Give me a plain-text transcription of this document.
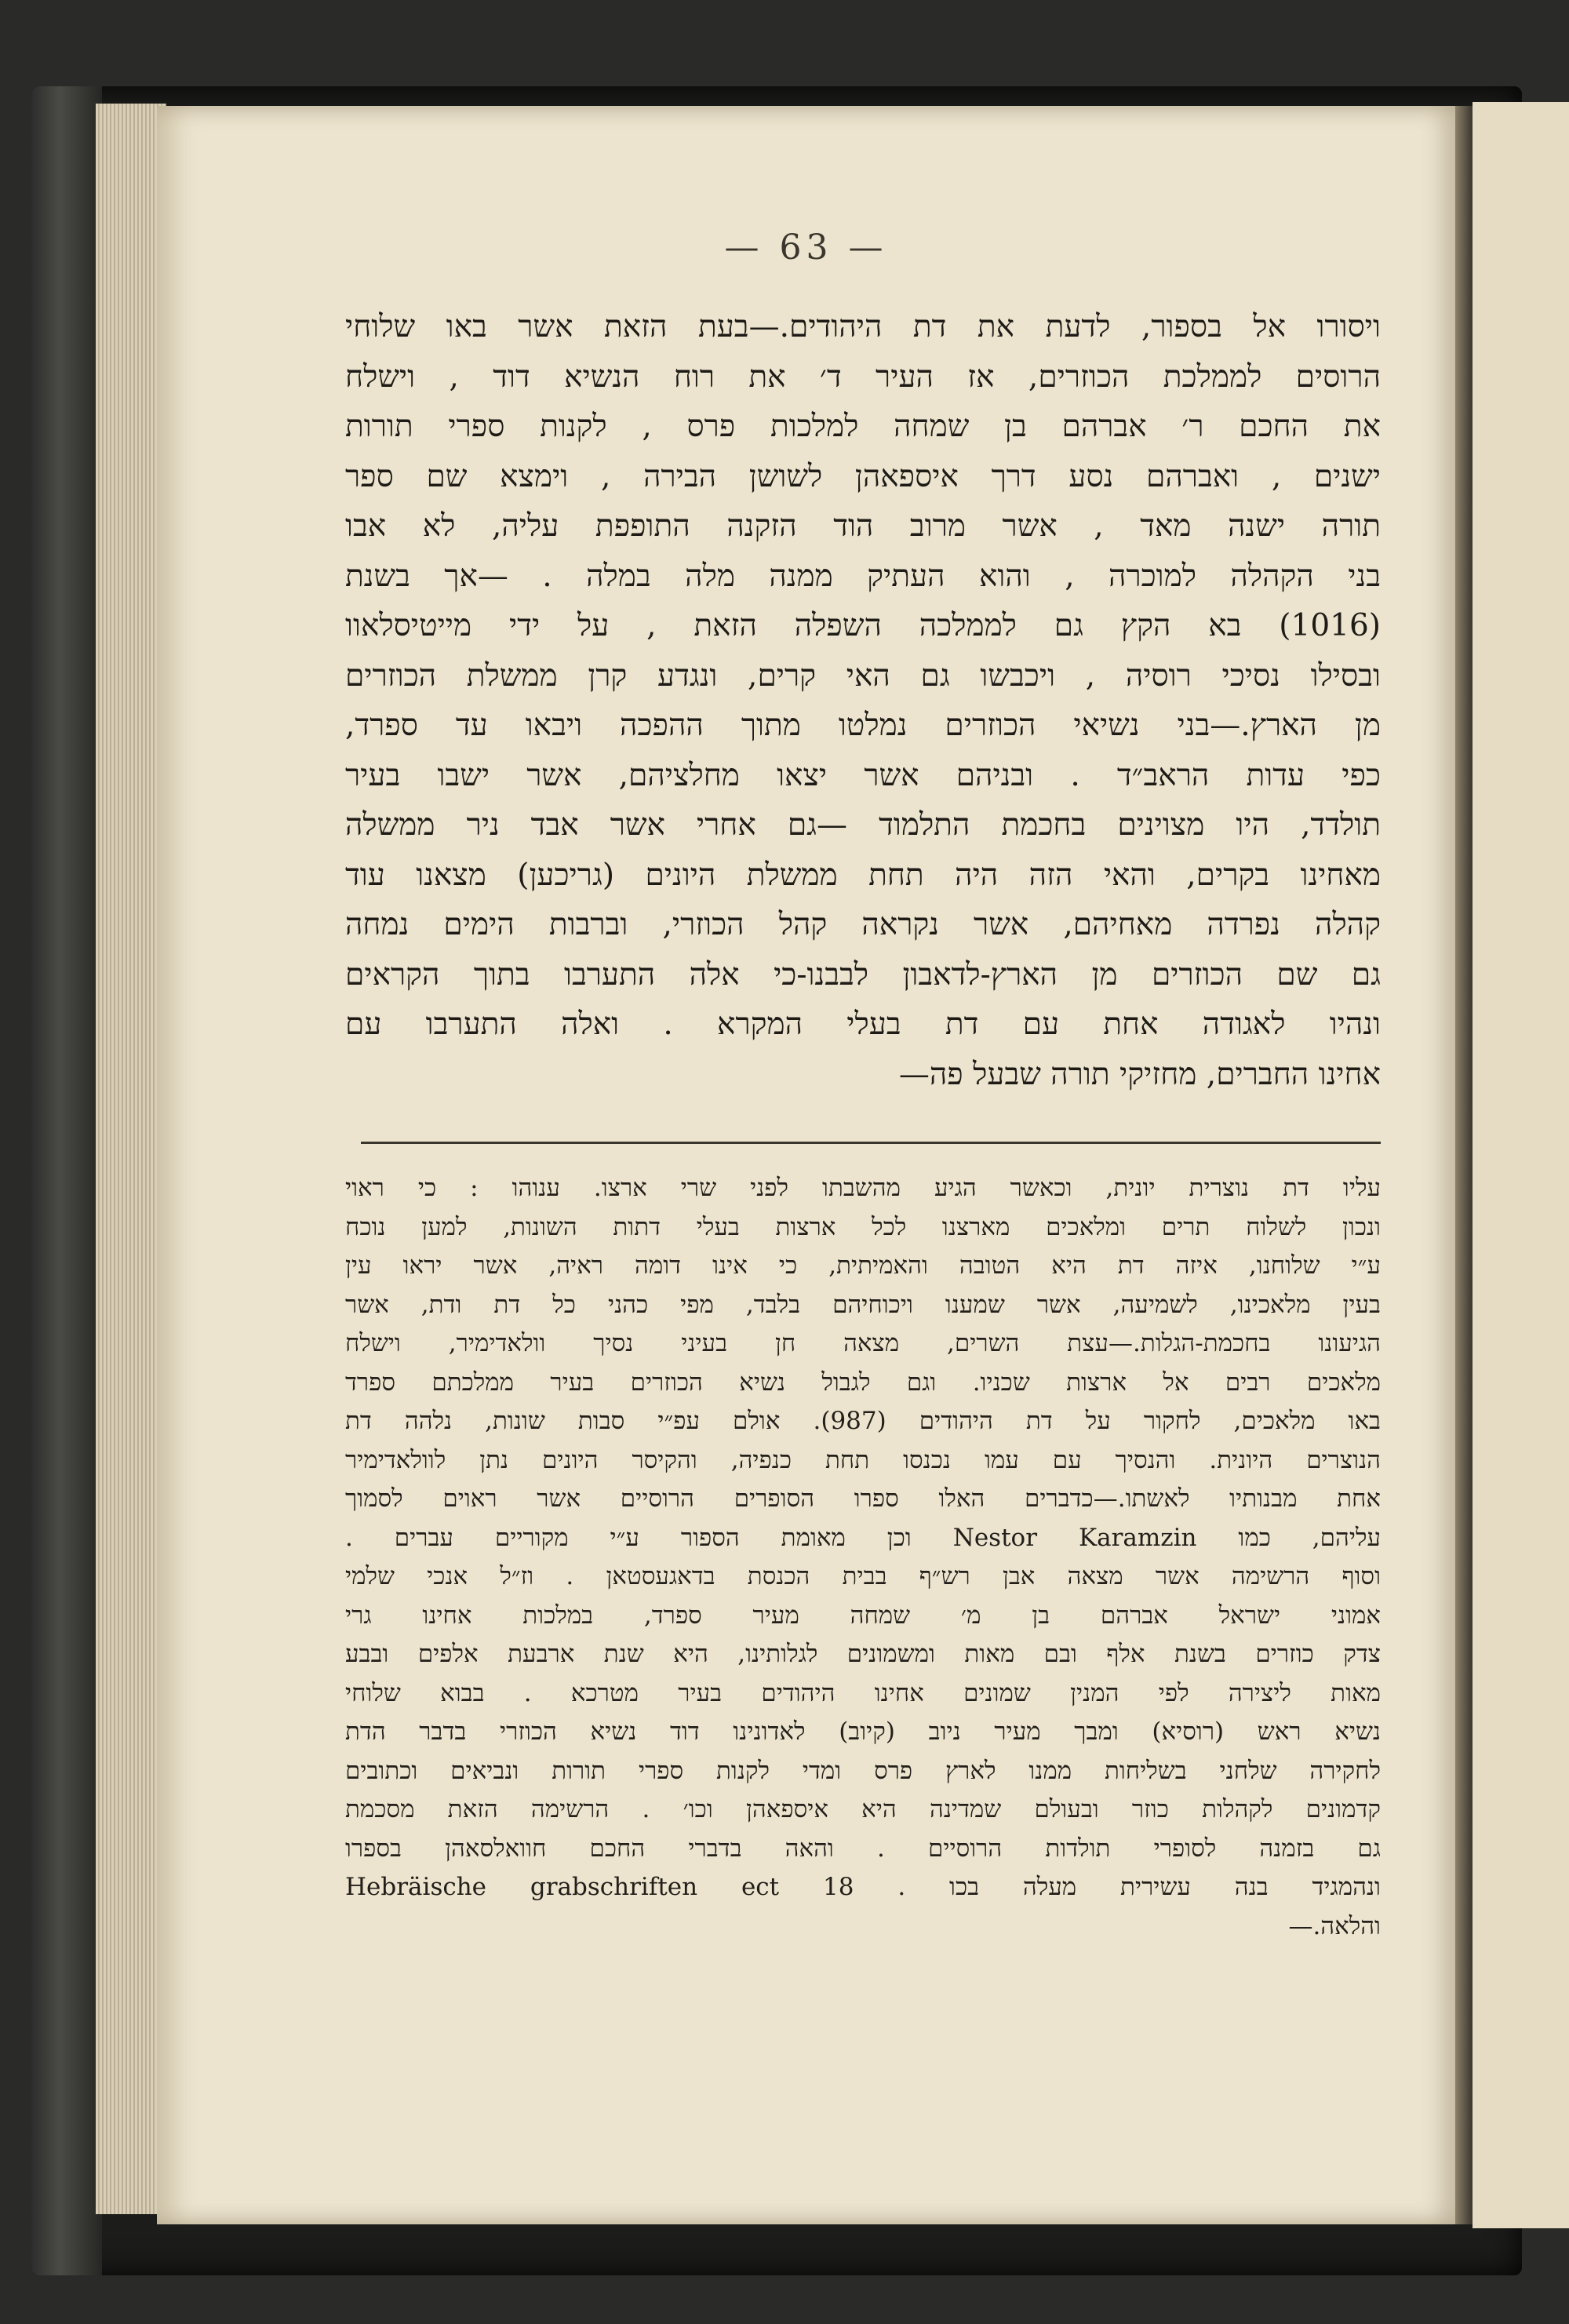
— 63 —
ויסורו אל בספור, לדעת את דת היהודים.—בעת הזאת אשר באו שלוחי
הרוסים לממלכת הכוזרים, אז העיר ד׳ את רוח הנשיא דוד , וישלח
את החכם ר׳ אברהם בן שמחה למלכות פרס , לקנות ספרי תורות
ישנים , ואברהם נסע דרך איספאהן לשושן הבירה , וימצא שם ספר
תורה ישנה מאד , אשר מרוב הוד הזקנה התופפת עליה, לא אבו
בני הקהלה למוכרה , והוא העתיק ממנה מלה במלה . —אך בשנת
(1016) בא הקץ גם לממלכה השפלה הזאת , על ידי מייטיסלאוו
ובסילו נסיכי רוסיה , ויכבשו גם האי קרים, ונגדע קרן ממשלת הכוזרים
מן הארץ.—בני נשיאי הכוזרים נמלטו מתוך ההפכה ויבאו עד ספרד,
כפי עדות הראב״ד . ובניהם אשר יצאו מחלציהם, אשר ישבו בעיר
תולדד, היו מצוינים בחכמת התלמוד —גם אחרי אשר אבד ניר ממשלה
מאחינו בקרים, והאי הזה היה תחת ממשלת היונים (גריכען) מצאנו עוד
קהלה נפרדה מאחיהם, אשר נקראה קהל הכוזרי, וברבות הימים נמחה
גם שם הכוזרים מן הארץ-לדאבון לבבנו-כי אלה התערבו בתוך הקראים
ונהיו לאגודה אחת עם דת בעלי המקרא . ואלה התערבו עם
אחינו החברים, מחזיקי תורה שבעל פה—
עליו דת נוצרית יונית, וכאשר הגיע מהשבתו לפני שרי ארצו. ענוהו : כי ראוי
ונכון לשלוח תרים ומלאכים מארצנו לכל ארצות בעלי דתות השונות, למען נוכח
ע״י שלוחנו, איזה דת היא הטובה והאמיתית, כי אינו דומה ראיה, אשר יראו עין
בעין מלאכינו, לשמיעה, אשר שמענו ויכוחיהם בלבד, מפי כהני כל דת ודת, אשר
הגיעונו בחכמת-הגלות.—עצת השרים, מצאה חן בעיני נסיך וולאדימיר, וישלח
מלאכים רבים אל ארצות שכניו. וגם לגבול נשיא הכוזרים בעיר ממלכתם ספרד
באו מלאכים, לחקור על דת היהודים (987). אולם עפ״י סבות שונות, נלהה דת
הנוצרים היונית. והנסיך עם עמו נכנסו תחת כנפיה, והקיסר היונים נתן לוולאדימיר
אחת מבנותיו לאשתו.—כדברים האלו ספרו הסופרים הרוסיים אשר ראוים לסמוך
עליהם, כמו Nestor Karamzin וכן מאומת הספור ע״י מקוריים עברים .
וסוף הרשימה אשר מצאה אבן רש״ף בבית הכנסת בדאגעסטאן . וז״ל אנכי שלמי
אמוני ישראל אברהם בן מ׳ שמחה מעיר ספרד, במלכות אחינו גרי
צדק כוזרים בשנת אלף ובם מאות ומשמונים לגלותינו, היא שנת ארבעת אלפים ובבע
מאות ליצירה לפי המנין שמונים אחינו היהודים בעיר מטרכא . בבוא שלוחי
נשיא ראש (רוסיא) ומבך מעיר ניוב (קיוב) לאדונינו דוד נשיא הכוזרי בדבר הדת
לחקירה שלחני בשליחות ממנו לארץ פרס ומדי לקנות ספרי תורות ונביאים וכתובים
קדמונים לקהלות כוזר ובעולם שמדינה היא איספאהן וכו׳ . הרשימה הזאת מסכמת
גם בזמנה לסופרי תולדות הרוסיים . והאה בדברי החכם חוואלסאהן בספרו
ונהמגיד בנה עשירית מעלה בכו . 18 Hebräische grabschriften ect
והלאה.—
